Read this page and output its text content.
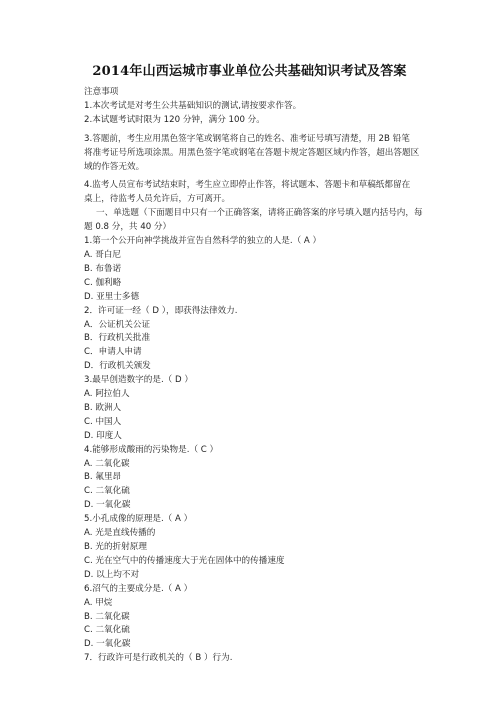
2014年山西运城市事业单位公共基础知识考试及答案
注意事项
1.本次考试是对考生公共基础知识的测试,请按要求作答。
2.本试题考试时限为 120 分钟，满分 100 分。
3.答题前，考生应用黑色签字笔或钢笔将自己的姓名、准考证号填写清楚，用 2B 铅笔
将准考证号所选项涂黑。用黑色签字笔或钢笔在答题卡规定答题区域内作答，超出答题区
域的作答无效。
4.监考人员宣布考试结束时，考生应立即停止作答，将试题本、答题卡和草稿纸都留在
桌上，待监考人员允许后，方可离开。
一、单选题（下面题目中只有一个正确答案，请将正确答案的序号填入题内括号内，每
题 0.8 分，共 40 分）
1.第一个公开向神学挑战并宣告自然科学的独立的人是.（ A ）
A. 哥白尼
B. 布鲁诺
C. 伽利略
D. 亚里士多德
2．许可证一经（ D ），即获得法律效力.
A．公证机关公证
B．行政机关批准
C．申请人申请
D．行政机关颁发
3.最早创造数字的是.（ D ）
A. 阿拉伯人
B. 欧洲人
C. 中国人
D. 印度人
4.能够形成酸雨的污染物是.（ C ）
A. 二氧化碳
B. 氟里昂
C. 二氧化硫
D. 一氧化碳
5.小孔成像的原理是.（ A ）
A. 光是直线传播的
B. 光的折射原理
C. 光在空气中的传播速度大于光在固体中的传播速度
D. 以上均不对
6.沼气的主要成分是.（ A ）
A. 甲烷
B. 二氧化碳
C. 二氧化硫
D. 一氧化碳
7．行政许可是行政机关的（ B ）行为.
